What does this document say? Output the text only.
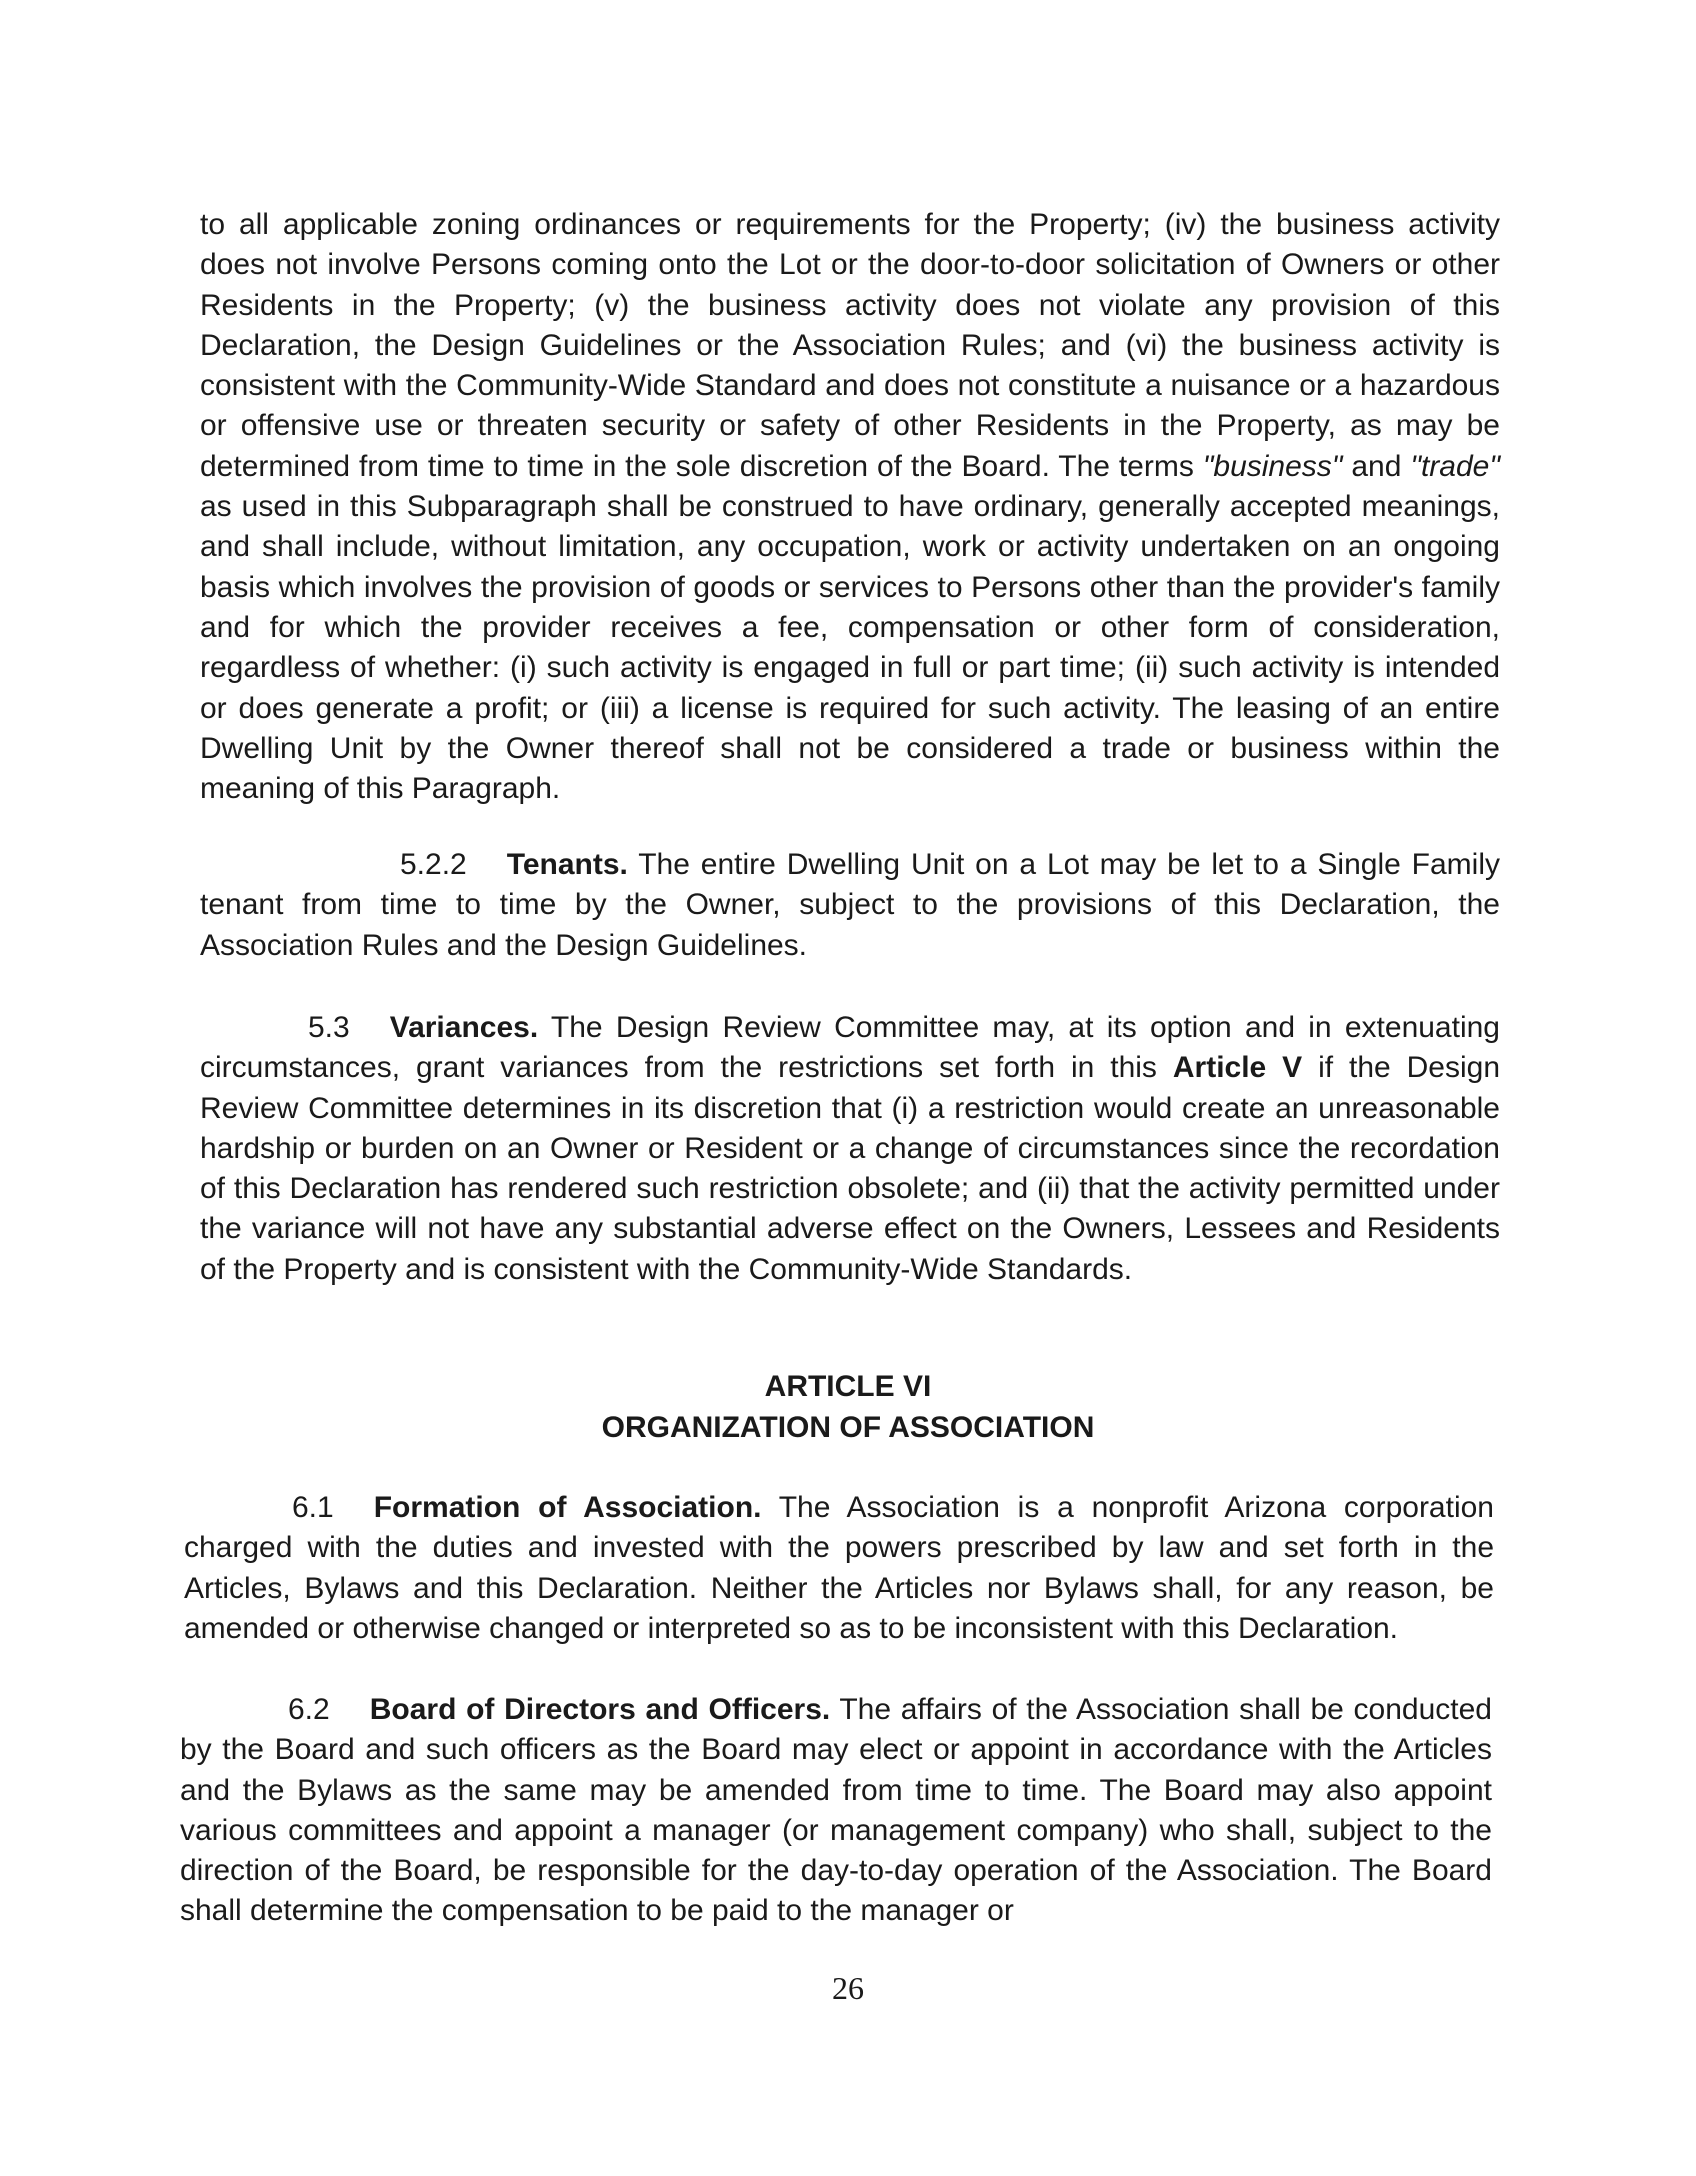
to all applicable zoning ordinances or requirements for the Property; (iv) the business activity does not involve Persons coming onto the Lot or the door-to-door solicitation of Owners or other Residents in the Property; (v) the business activity does not violate any provision of this Declaration, the Design Guidelines or the Association Rules; and (vi) the business activity is consistent with the Community-Wide Standard and does not constitute a nuisance or a hazardous or offensive use or threaten security or safety of other Residents in the Property, as may be determined from time to time in the sole discretion of the Board. The terms "business" and "trade" as used in this Subparagraph shall be construed to have ordinary, generally accepted meanings, and shall include, without limitation, any occupation, work or activity undertaken on an ongoing basis which involves the provision of goods or services to Persons other than the provider's family and for which the provider receives a fee, compensation or other form of consideration, regardless of whether: (i) such activity is engaged in full or part time; (ii) such activity is intended or does generate a profit; or (iii) a license is required for such activity. The leasing of an entire Dwelling Unit by the Owner thereof shall not be considered a trade or business within the meaning of this Paragraph.

5.2.2 Tenants. The entire Dwelling Unit on a Lot may be let to a Single Family tenant from time to time by the Owner, subject to the provisions of this Declaration, the Association Rules and the Design Guidelines.

5.3 Variances. The Design Review Committee may, at its option and in extenuating circumstances, grant variances from the restrictions set forth in this Article V if the Design Review Committee determines in its discretion that (i) a restriction would create an unreasonable hardship or burden on an Owner or Resident or a change of circumstances since the recordation of this Declaration has rendered such restriction obsolete; and (ii) that the activity permitted under the variance will not have any substantial adverse effect on the Owners, Lessees and Residents of the Property and is consistent with the Community-Wide Standards.

ARTICLE VI
ORGANIZATION OF ASSOCIATION

6.1 Formation of Association. The Association is a nonprofit Arizona corporation charged with the duties and invested with the powers prescribed by law and set forth in the Articles, Bylaws and this Declaration. Neither the Articles nor Bylaws shall, for any reason, be amended or otherwise changed or interpreted so as to be inconsistent with this Declaration.

6.2 Board of Directors and Officers. The affairs of the Association shall be conducted by the Board and such officers as the Board may elect or appoint in accordance with the Articles and the Bylaws as the same may be amended from time to time. The Board may also appoint various committees and appoint a manager (or management company) who shall, subject to the direction of the Board, be responsible for the day-to-day operation of the Association. The Board shall determine the compensation to be paid to the manager or

26
